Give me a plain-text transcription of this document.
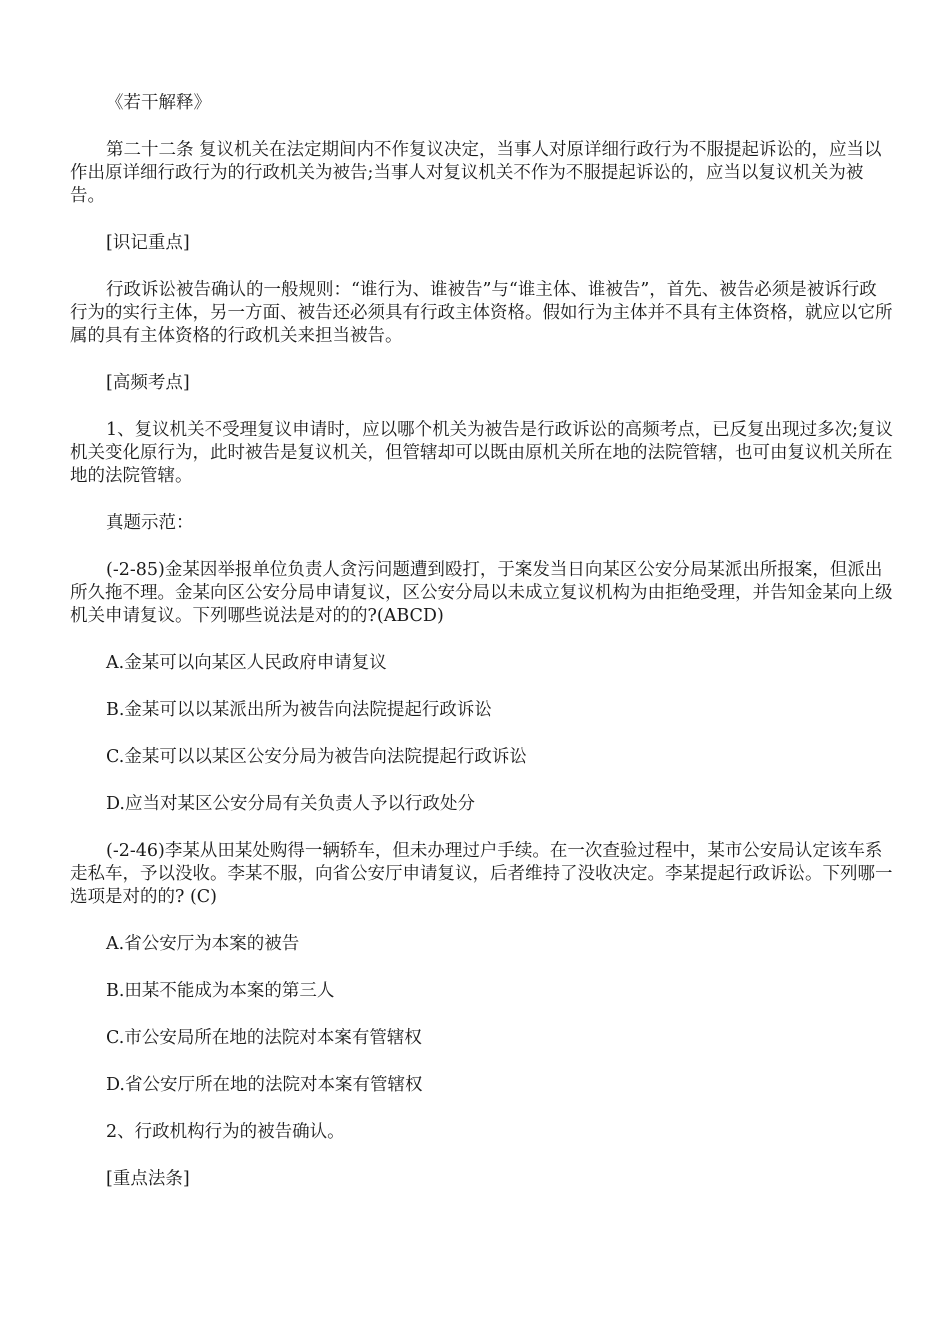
《若干解释》

第二十二条 复议机关在法定期间内不作复议决定，当事人对原详细行政行为不服提起诉讼的，应当以作出原详细行政行为的行政机关为被告;当事人对复议机关不作为不服提起诉讼的，应当以复议机关为被告。

[识记重点]

行政诉讼被告确认的一般规则：“谁行为、谁被告”与“谁主体、谁被告”，首先、被告必须是被诉行政行为的实行主体，另一方面、被告还必须具有行政主体资格。假如行为主体并不具有主体资格，就应以它所属的具有主体资格的行政机关来担当被告。

[高频考点]

1、复议机关不受理复议申请时，应以哪个机关为被告是行政诉讼的高频考点，已反复出现过多次;复议机关变化原行为，此时被告是复议机关，但管辖却可以既由原机关所在地的法院管辖，也可由复议机关所在地的法院管辖。

真题示范：

(-2-85)金某因举报单位负责人贪污问题遭到殴打，于案发当日向某区公安分局某派出所报案，但派出所久拖不理。金某向区公安分局申请复议，区公安分局以未成立复议机构为由拒绝受理，并告知金某向上级机关申请复议。下列哪些说法是对的的?(ABCD)

A.金某可以向某区人民政府申请复议

B.金某可以以某派出所为被告向法院提起行政诉讼

C.金某可以以某区公安分局为被告向法院提起行政诉讼

D.应当对某区公安分局有关负责人予以行政处分

(-2-46)李某从田某处购得一辆轿车，但未办理过户手续。在一次查验过程中，某市公安局认定该车系走私车，予以没收。李某不服，向省公安厅申请复议，后者维持了没收决定。李某提起行政诉讼。下列哪一选项是对的的? (C)

A.省公安厅为本案的被告

B.田某不能成为本案的第三人

C.市公安局所在地的法院对本案有管辖权

D.省公安厅所在地的法院对本案有管辖权

2、行政机构行为的被告确认。

[重点法条]
